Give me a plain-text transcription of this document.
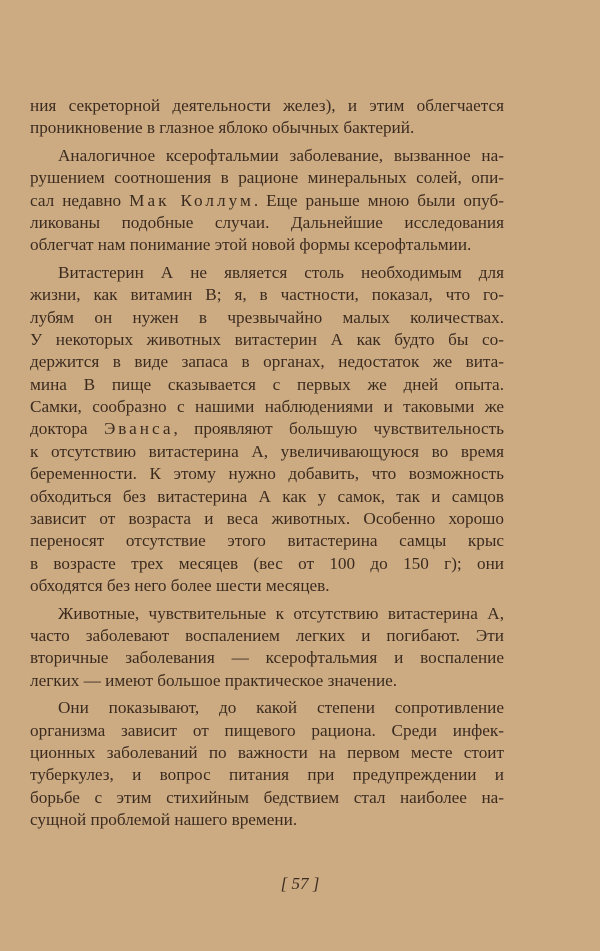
ния секреторной деятельности желез), и этим облегчается
проникновение в глазное яблоко обычных бактерий.
Аналогичное ксерофтальмии заболевание, вызванное на-
рушением соотношения в рационе минеральных солей, опи-
сал недавно Мак Коллум. Еще раньше мною были опуб-
ликованы подобные случаи. Дальнейшие исследования
облегчат нам понимание этой новой формы ксерофтальмии.
Витастерин А не является столь необходимым для
жизни, как витамин В; я, в частности, показал, что го-
лубям он нужен в чрезвычайно малых количествах.
У некоторых животных витастерин А как будто бы со-
держится в виде запаса в органах, недостаток же вита-
мина В пище сказывается с первых же дней опыта.
Самки, сообразно с нашими наблюдениями и таковыми же
доктора Эванса, проявляют большую чувствительность
к отсутствию витастерина А, увеличивающуюся во время
беременности. К этому нужно добавить, что возможность
обходиться без витастерина А как у самок, так и самцов
зависит от возраста и веса животных. Особенно хорошо
переносят отсутствие этого витастерина самцы крыс
в возрасте трех месяцев (вес от 100 до 150 г); они
обходятся без него более шести месяцев.
Животные, чувствительные к отсутствию витастерина А,
часто заболевают воспалением легких и погибают. Эти
вторичные заболевания — ксерофтальмия и воспаление
легких — имеют большое практическое значение.
Они показывают, до какой степени сопротивление
организма зависит от пищевого рациона. Среди инфек-
ционных заболеваний по важности на первом месте стоит
туберкулез, и вопрос питания при предупреждении и
борьбе с этим стихийным бедствием стал наиболее на-
сущной проблемой нашего времени.
[ 57 ]
